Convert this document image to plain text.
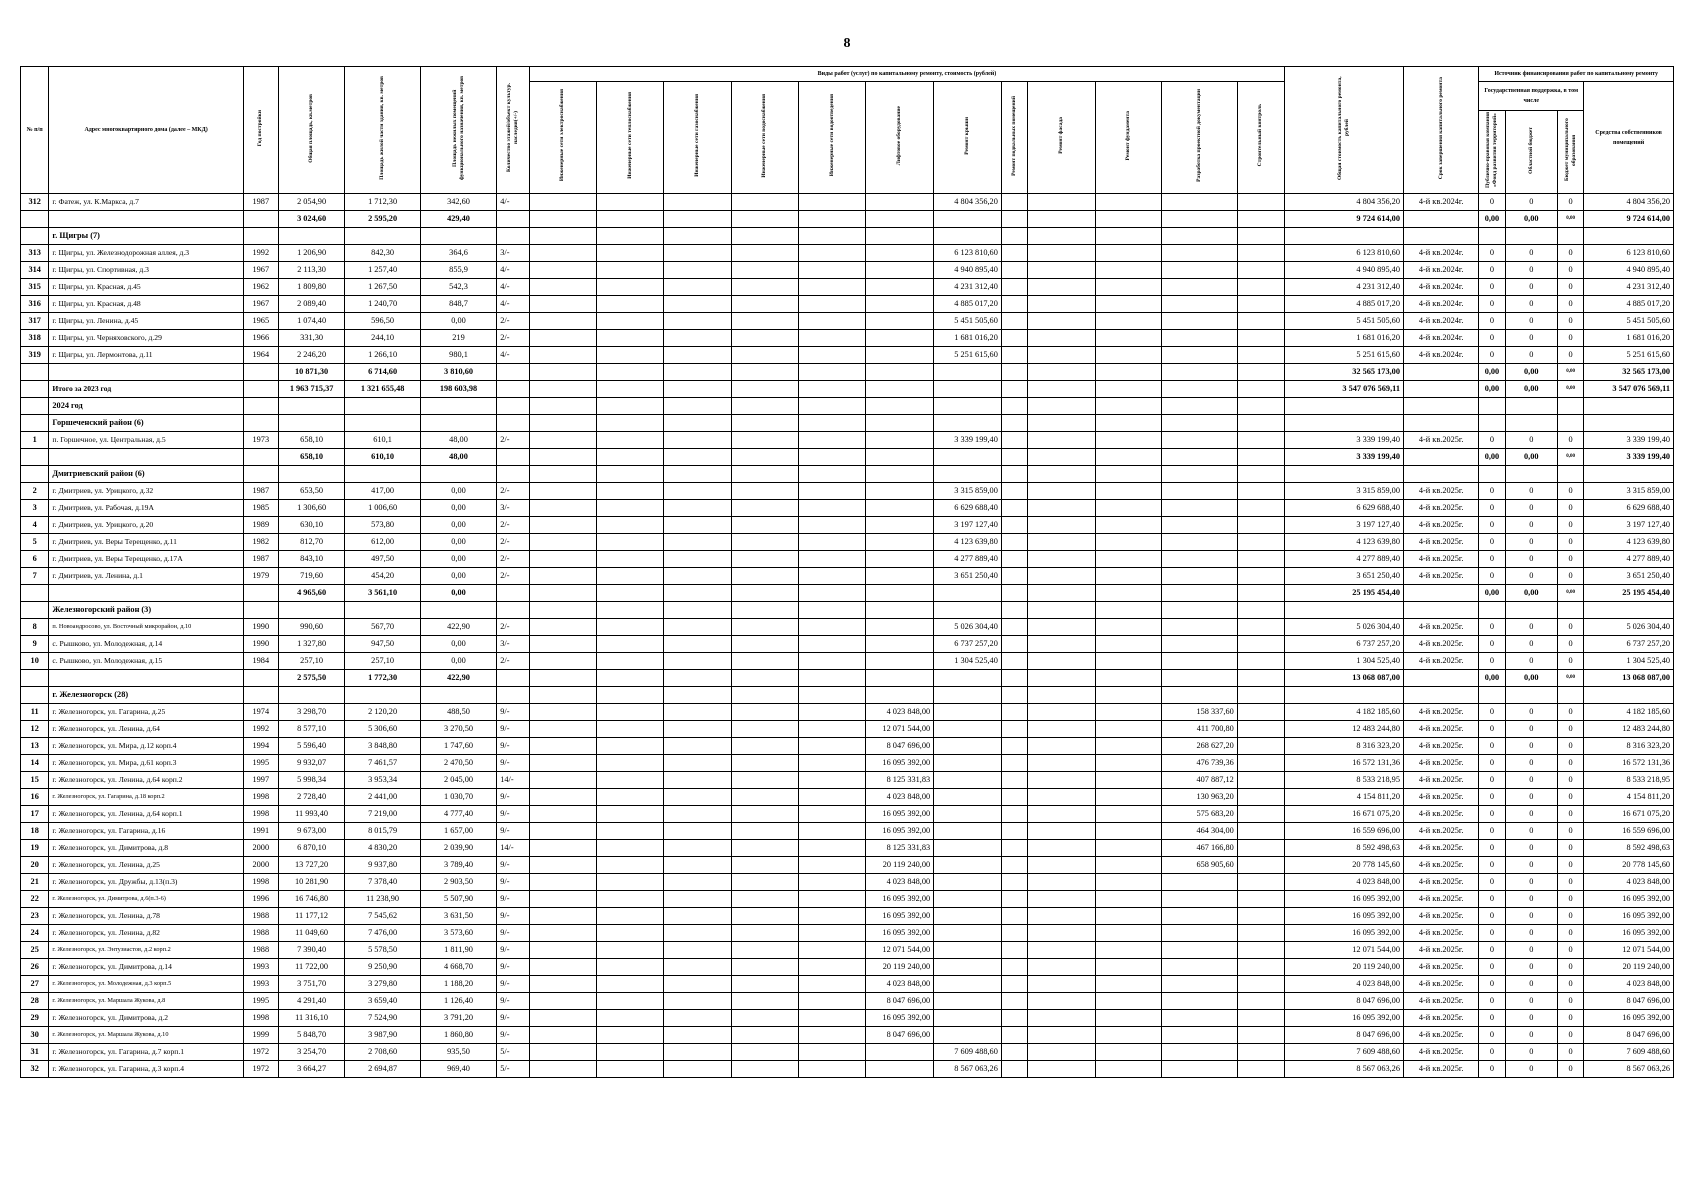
8
№ п/п	Адрес многоквартирного дома (далее – МКД)	Год постройки	Общая площадь, кв.метров	Площадь жилой части здания, кв. метров	Площадь нежилых помещений функционального назначения, кв. метров	Количество этажей/объект культур. наследия(+/-)	Виды работ (услуг) по капитальному ремонту, стоимость (рублей)												Общая стоимость капитального ремонта, рублей	Срок завершения капитального ремонта	Источник финансирования работ по капитальному ремонту			
							Инженерные сети электроснабжения	Инженерные сети теплоснабжения	Инженерные сети газоснабжения	Инженерные сети водоснабжения	Инженерные сети водоотведения	Лифтовое оборудование	Ремонт крыши	Ремонт подвальных помещений	Ремонт фасада	Ремонт фундамента	Разработка проектной документации	Строительный контроль			Государственная поддержка, в том числе			Средства собственников помещений
																					Публично-правовая компания «Фонд развития территорий»	Областной бюджет	Бюджет муниципального образования	
312	г. Фатеж, ул. К.Маркса, д.7	1987	2 054,90	1 712,30	342,60	4/-							4 804 356,20						4 804 356,20	4-й кв.2024г.	0	0	0	4 804 356,20
			3 024,60	2 595,20	429,40														9 724 614,00		0,00	0,00	0,00	9 724 614,00
	г. Щигры (7)																							
313	г. Щигры, ул. Железнодорожная аллея, д.3	1992	1 206,90	842,30	364,6	3/-							6 123 810,60						6 123 810,60	4-й кв.2024г.	0	0	0	6 123 810,60
314	г. Щигры, ул. Спортивная, д.3	1967	2 113,30	1 257,40	855,9	4/-							4 940 895,40						4 940 895,40	4-й кв.2024г.	0	0	0	4 940 895,40
315	г. Щигры, ул. Красная, д.45	1962	1 809,80	1 267,50	542,3	4/-							4 231 312,40						4 231 312,40	4-й кв.2024г.	0	0	0	4 231 312,40
316	г. Щигры, ул. Красная, д.48	1967	2 089,40	1 240,70	848,7	4/-							4 885 017,20						4 885 017,20	4-й кв.2024г.	0	0	0	4 885 017,20
317	г. Щигры, ул. Ленина, д.45	1965	1 074,40	596,50	0,00	2/-							5 451 505,60						5 451 505,60	4-й кв.2024г.	0	0	0	5 451 505,60
318	г. Щигры, ул. Черняховского, д.29	1966	331,30	244,10	219	2/-							1 681 016,20						1 681 016,20	4-й кв.2024г.	0	0	0	1 681 016,20
319	г. Щигры, ул. Лермонтова, д.11	1964	2 246,20	1 266,10	980,1	4/-							5 251 615,60						5 251 615,60	4-й кв.2024г.	0	0	0	5 251 615,60
			10 871,30	6 714,60	3 810,60														32 565 173,00		0,00	0,00	0,00	32 565 173,00
	Итого за 2023 год		1 963 715,37	1 321 655,48	198 603,98														3 547 076 569,11		0,00	0,00	0,00	3 547 076 569,11
	2024 год																							
	Горшеченский район (6)																							
1	п. Горшечное, ул. Центральная, д.5	1973	658,10	610,1	48,00	2/-							3 339 199,40						3 339 199,40	4-й кв.2025г.	0	0	0	3 339 199,40
			658,10	610,10	48,00														3 339 199,40		0,00	0,00	0,00	3 339 199,40
	Дмитриевский район (6)																							
2	г. Дмитриев, ул. Урицкого, д.32	1987	653,50	417,00	0,00	2/-							3 315 859,00						3 315 859,00	4-й кв.2025г.	0	0	0	3 315 859,00
3	г. Дмитриев, ул. Рабочая, д.19А	1985	1 306,60	1 006,60	0,00	3/-							6 629 688,40						6 629 688,40	4-й кв.2025г.	0	0	0	6 629 688,40
4	г. Дмитриев, ул. Урицкого, д.20	1989	630,10	573,80	0,00	2/-							3 197 127,40						3 197 127,40	4-й кв.2025г.	0	0	0	3 197 127,40
5	г. Дмитриев, ул. Веры Терещенко, д.11	1982	812,70	612,00	0,00	2/-							4 123 639,80						4 123 639,80	4-й кв.2025г.	0	0	0	4 123 639,80
6	г. Дмитриев, ул. Веры Терещенко, д.17А	1987	843,10	497,50	0,00	2/-							4 277 889,40						4 277 889,40	4-й кв.2025г.	0	0	0	4 277 889,40
7	г. Дмитриев, ул. Ленина, д.1	1979	719,60	454,20	0,00	2/-							3 651 250,40						3 651 250,40	4-й кв.2025г.	0	0	0	3 651 250,40
			4 965,60	3 561,10	0,00														25 195 454,40		0,00	0,00	0,00	25 195 454,40
	Железногорский район (3)																							
8	п. Новоандросово, ул. Восточный микрорайон, д.10	1990	990,60	567,70	422,90	2/-							5 026 304,40						5 026 304,40	4-й кв.2025г.	0	0	0	5 026 304,40
9	с. Рышково, ул. Молодежная, д.14	1990	1 327,80	947,50	0,00	3/-							6 737 257,20						6 737 257,20	4-й кв.2025г.	0	0	0	6 737 257,20
10	с. Рышково, ул. Молодежная, д.15	1984	257,10	257,10	0,00	2/-							1 304 525,40						1 304 525,40	4-й кв.2025г.	0	0	0	1 304 525,40
			2 575,50	1 772,30	422,90														13 068 087,00		0,00	0,00	0,00	13 068 087,00
	г. Железногорск (28)																							
11	г. Железногорск, ул. Гагарина, д.25	1974	3 298,70	2 120,20	488,50	9/-						4 023 848,00					158 337,60		4 182 185,60	4-й кв.2025г.	0	0	0	4 182 185,60
12	г. Железногорск, ул. Ленина, д.64	1992	8 577,10	5 306,60	3 270,50	9/-						12 071 544,00					411 700,80		12 483 244,80	4-й кв.2025г.	0	0	0	12 483 244,80
13	г. Железногорск, ул. Мира, д.12 корп.4	1994	5 596,40	3 848,80	1 747,60	9/-						8 047 696,00					268 627,20		8 316 323,20	4-й кв.2025г.	0	0	0	8 316 323,20
14	г. Железногорск, ул. Мира, д.61 корп.3	1995	9 932,07	7 461,57	2 470,50	9/-						16 095 392,00					476 739,36		16 572 131,36	4-й кв.2025г.	0	0	0	16 572 131,36
15	г. Железногорск, ул. Ленина, д.64 корп.2	1997	5 998,34	3 953,34	2 045,00	14/-						8 125 331,83					407 887,12		8 533 218,95	4-й кв.2025г.	0	0	0	8 533 218,95
16	г. Железногорск, ул. Гагарина, д.18 корп.2	1998	2 728,40	2 441,00	1 030,70	9/-						4 023 848,00					130 963,20		4 154 811,20	4-й кв.2025г.	0	0	0	4 154 811,20
17	г. Железногорск, ул. Ленина, д.64 корп.1	1998	11 993,40	7 219,00	4 777,40	9/-						16 095 392,00					575 683,20		16 671 075,20	4-й кв.2025г.	0	0	0	16 671 075,20
18	г. Железногорск, ул. Гагарина, д.16	1991	9 673,00	8 015,79	1 657,00	9/-						16 095 392,00					464 304,00		16 559 696,00	4-й кв.2025г.	0	0	0	16 559 696,00
19	г. Железногорск, ул. Димитрова, д.8	2000	6 870,10	4 830,20	2 039,90	14/-						8 125 331,83					467 166,80		8 592 498,63	4-й кв.2025г.	0	0	0	8 592 498,63
20	г. Железногорск, ул. Ленина, д.25	2000	13 727,20	9 937,80	3 789,40	9/-						20 119 240,00					658 905,60		20 778 145,60	4-й кв.2025г.	0	0	0	20 778 145,60
21	г. Железногорск, ул. Дружбы, д.13(п.3)	1998	10 281,90	7 378,40	2 903,50	9/-						4 023 848,00							4 023 848,00	4-й кв.2025г.	0	0	0	4 023 848,00
22	г. Железногорск, ул. Димитрова, д.6(п.3-6)	1996	16 746,80	11 238,90	5 507,90	9/-						16 095 392,00							16 095 392,00	4-й кв.2025г.	0	0	0	16 095 392,00
23	г. Железногорск, ул. Ленина, д.78	1988	11 177,12	7 545,62	3 631,50	9/-						16 095 392,00							16 095 392,00	4-й кв.2025г.	0	0	0	16 095 392,00
24	г. Железногорск, ул. Ленина, д.82	1988	11 049,60	7 476,00	3 573,60	9/-						16 095 392,00							16 095 392,00	4-й кв.2025г.	0	0	0	16 095 392,00
25	г. Железногорск, ул. Энтузиастов, д.2 корп.2	1988	7 390,40	5 578,50	1 811,90	9/-						12 071 544,00							12 071 544,00	4-й кв.2025г.	0	0	0	12 071 544,00
26	г. Железногорск, ул. Димитрова, д.14	1993	11 722,00	9 250,90	4 668,70	9/-						20 119 240,00							20 119 240,00	4-й кв.2025г.	0	0	0	20 119 240,00
27	г. Железногорск, ул. Молодежная, д.3 корп.5	1993	3 751,70	3 279,80	1 188,20	9/-						4 023 848,00							4 023 848,00	4-й кв.2025г.	0	0	0	4 023 848,00
28	г. Железногорск, ул. Маршала Жукова, д.8	1995	4 291,40	3 659,40	1 126,40	9/-						8 047 696,00							8 047 696,00	4-й кв.2025г.	0	0	0	8 047 696,00
29	г. Железногорск, ул. Димитрова, д.2	1998	11 316,10	7 524,90	3 791,20	9/-						16 095 392,00							16 095 392,00	4-й кв.2025г.	0	0	0	16 095 392,00
30	г. Железногорск, ул. Маршала Жукова, д.10	1999	5 848,70	3 987,90	1 860,80	9/-						8 047 696,00							8 047 696,00	4-й кв.2025г.	0	0	0	8 047 696,00
31	г. Железногорск, ул. Гагарина, д.7 корп.1	1972	3 254,70	2 708,60	935,50	5/-							7 609 488,60						7 609 488,60	4-й кв.2025г.	0	0	0	7 609 488,60
32	г. Железногорск, ул. Гагарина, д.3 корп.4	1972	3 664,27	2 694,87	969,40	5/-							8 567 063,26						8 567 063,26	4-й кв.2025г.	0	0	0	8 567 063,26
